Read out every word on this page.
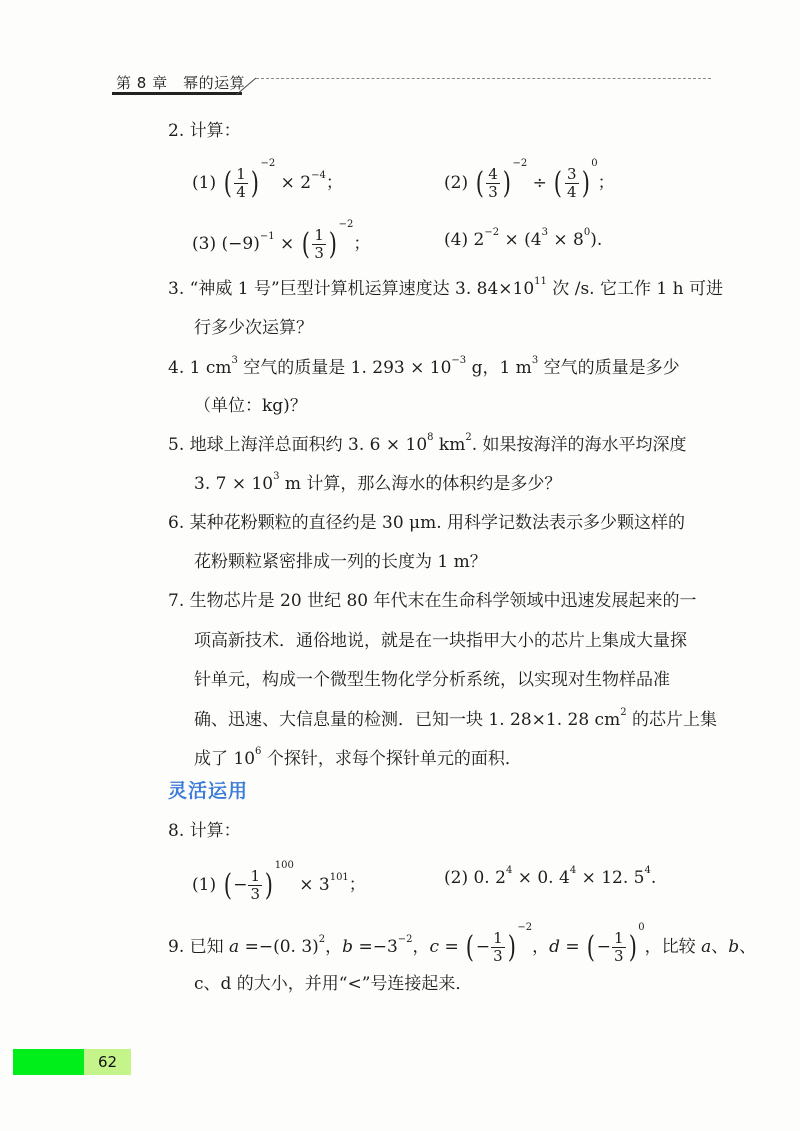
第 8 章　幂的运算
2. 计算：
(1) ( $\frac{1}{4} )^{-2} \times 2^{-4}$；	(2) ( $\frac{4}{3} )^{-2}$ ÷ ( $\frac{3}{4} )^0$；
(3) $(-9)^{-1}$ × ( $\frac{1}{3} )^{-2}$；	(4) $2^{-2} \times (4^3 \times 8^0)$.
3. “神威 1 号”巨型计算机运算速度达 3. $84\times 10^{11}$ 次 /s. 它工作 1 h 可进
行多少次运算？
4. 1 $cm^3$ 空气的质量是 1. $293 \times 10^{-3}$ g，1 $m^3$ 空气的质量是多少
（单位：kg)？
5. 地球上海洋总面积约 3. $6 \times 10^8$ $km^2$. 如果按海洋的海水平均深度
3. $7 \times 10^3$ m 计算，那么海水的体积约是多少？
6. 某种花粉颗粒的直径约是 30 μm. 用科学记数法表示多少颗这样的
花粉颗粒紧密排成一列的长度为 1 m？
7. 生物芯片是 20 世纪 80 年代末在生命科学领域中迅速发展起来的一
项高新技术．通俗地说，就是在一块指甲大小的芯片上集成大量探
针单元，构成一个微型生物化学分析系统，以实现对生物样品准
确、迅速、大信息量的检测．已知一块 1. 28×1. 28 $cm^2$ 的芯片上集
成了 $10^6$ 个探针，求每个探针单元的面积．
灵活运用
8. 计算：
(1) ( − $\frac{1}{3} )^{100} \times 3^{101}$；	(2) 0. $2^4 \times 0$. $4^4 \times 12$. $5^4$.
9. 已知 a =−(0. 3)$^2$，$b =-3^{-2}$，c = ( − $\frac{1}{3} )^{-2}$，d = ( − $\frac{1}{3} )^0$，比较 a、b、
c、d 的大小，并用“<”号连接起来．
62
